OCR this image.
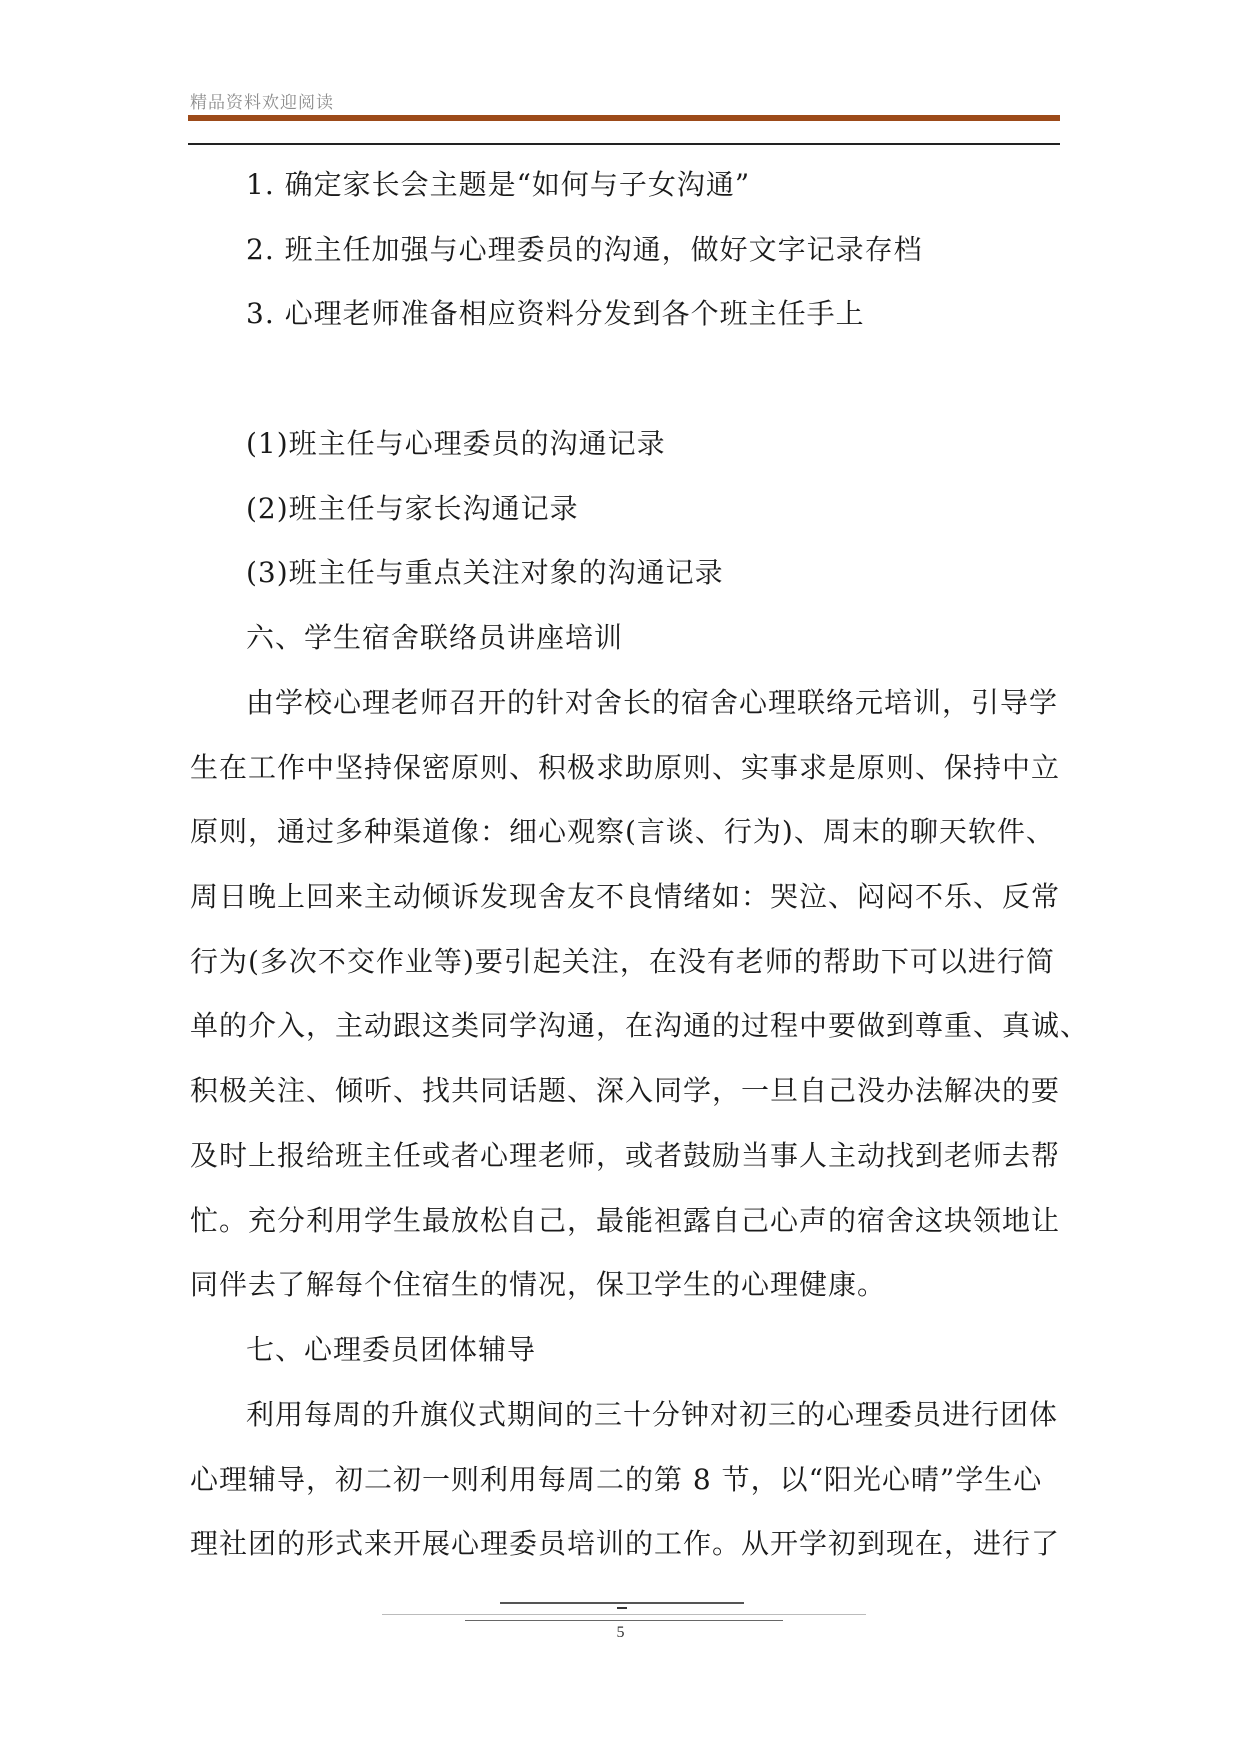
精品资料欢迎阅读
1. 确定家长会主题是“如何与子女沟通”
2. 班主任加强与心理委员的沟通，做好文字记录存档
3. 心理老师准备相应资料分发到各个班主任手上
(1)班主任与心理委员的沟通记录
(2)班主任与家长沟通记录
(3)班主任与重点关注对象的沟通记录
六、学生宿舍联络员讲座培训
由学校心理老师召开的针对舍长的宿舍心理联络元培训，引导学
生在工作中坚持保密原则、积极求助原则、实事求是原则、保持中立
原则，通过多种渠道像：细心观察(言谈、行为)、周末的聊天软件、
周日晚上回来主动倾诉发现舍友不良情绪如：哭泣、闷闷不乐、反常
行为(多次不交作业等)要引起关注，在没有老师的帮助下可以进行简
单的介入，主动跟这类同学沟通，在沟通的过程中要做到尊重、真诚、
积极关注、倾听、找共同话题、深入同学，一旦自己没办法解决的要
及时上报给班主任或者心理老师，或者鼓励当事人主动找到老师去帮
忙。充分利用学生最放松自己，最能袒露自己心声的宿舍这块领地让
同伴去了解每个住宿生的情况，保卫学生的心理健康。
七、心理委员团体辅导
利用每周的升旗仪式期间的三十分钟对初三的心理委员进行团体
心理辅导，初二初一则利用每周二的第 8 节，以“阳光心晴”学生心
理社团的形式来开展心理委员培训的工作。从开学初到现在，进行了
5
